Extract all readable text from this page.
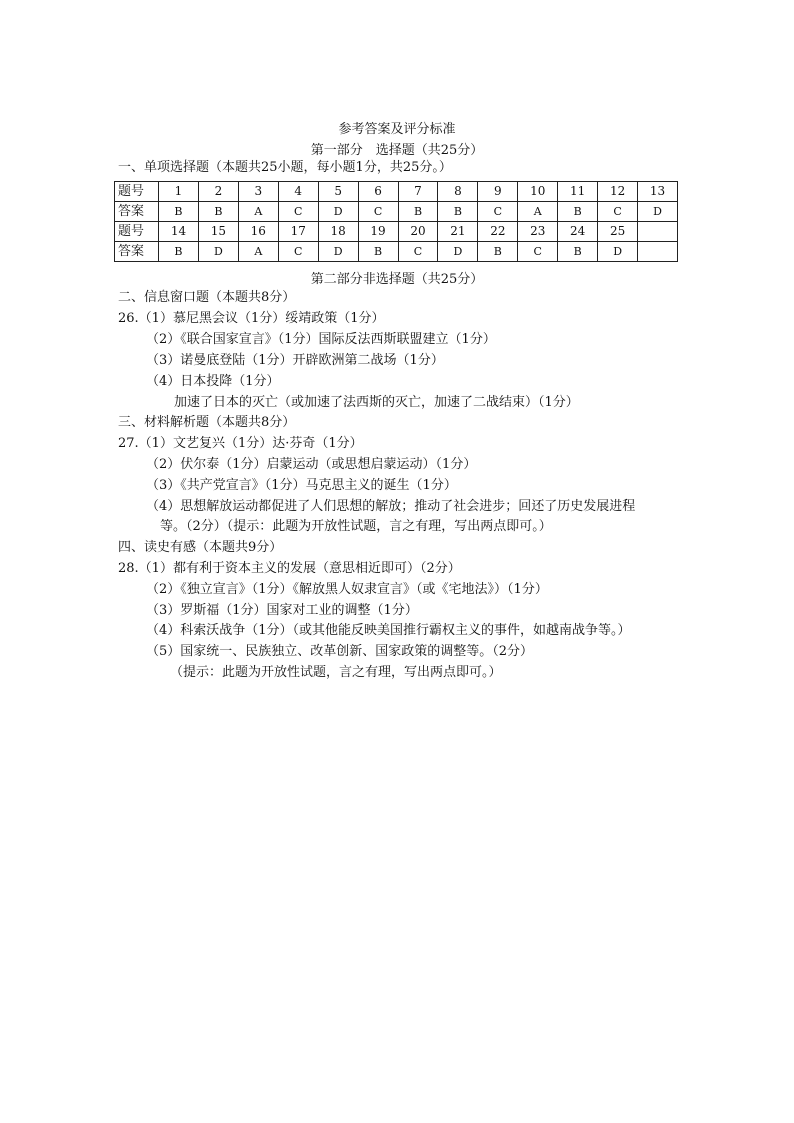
参考答案及评分标准
第一部分　选择题（共25分）
一、单项选择题（本题共25小题，每小题1分，共25分。）
题号	1	2	3	4	5	6	7	8	9	10	11	12	13
答案	B	B	A	C	D	C	B	B	C	A	B	C	D
题号	14	15	16	17	18	19	20	21	22	23	24	25	
答案	B	D	A	C	D	B	C	D	B	C	B	D	
第二部分非选择题（共25分）
二、信息窗口题（本题共8分）
26.（1）慕尼黑会议（1分）绥靖政策（1分）
（2）《联合国家宣言》（1分）国际反法西斯联盟建立（1分）
（3）诺曼底登陆（1分）开辟欧洲第二战场（1分）
（4）日本投降（1分）
加速了日本的灭亡（或加速了法西斯的灭亡，加速了二战结束）（1分）
三、材料解析题（本题共8分）
27.（1）文艺复兴（1分）达·芬奇（1分）
（2）伏尔泰（1分）启蒙运动（或思想启蒙运动）（1分）
（3）《共产党宣言》（1分）马克思主义的诞生（1分）
（4）思想解放运动都促进了人们思想的解放；推动了社会进步；回还了历史发展进程
等。（2分）（提示：此题为开放性试题，言之有理，写出两点即可。）
四、读史有感（本题共9分）
28.（1）都有利于资本主义的发展（意思相近即可）（2分）
（2）《独立宣言》（1分）《解放黑人奴隶宣言》（或《宅地法》）（1分）
（3）罗斯福（1分）国家对工业的调整（1分）
（4）科索沃战争（1分）（或其他能反映美国推行霸权主义的事件，如越南战争等。）
（5）国家统一、民族独立、改革创新、国家政策的调整等。（2分）
（提示：此题为开放性试题，言之有理，写出两点即可。）
